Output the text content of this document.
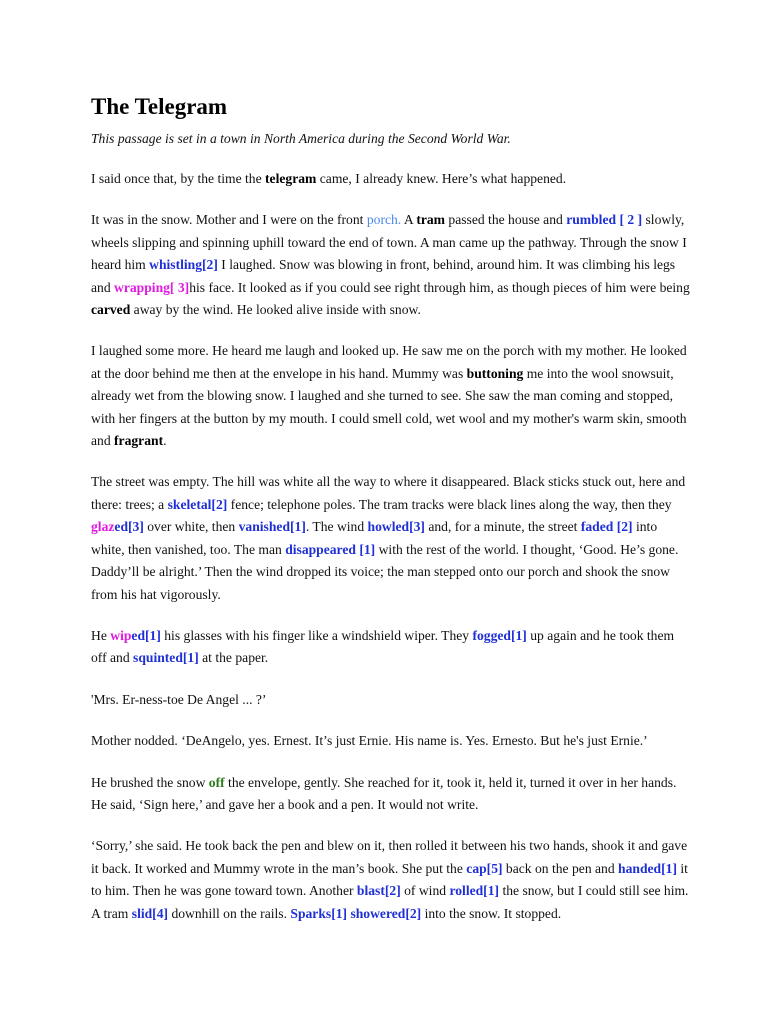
The Telegram

This passage is set in a town in North America during the Second World War.

I said once that, by the time the telegram came, I already knew. Here’s what happened.

It was in the snow. Mother and I were on the front porch. A tram passed the house and rumbled [ 2 ] slowly, wheels slipping and spinning uphill toward the end of town. A man came up the pathway. Through the snow I heard him whistling[2] I laughed. Snow was blowing in front, behind, around him. It was climbing his legs and wrapping[ 3]his face. It looked as if you could see right through him, as though pieces of him were being carved away by the wind. He looked alive inside with snow.

I laughed some more. He heard me laugh and looked up. He saw me on the porch with my mother. He looked at the door behind me then at the envelope in his hand. Mummy was buttoning me into the wool snowsuit, already wet from the blowing snow. I laughed and she turned to see. She saw the man coming and stopped, with her fingers at the button by my mouth. I could smell cold, wet wool and my mother's warm skin, smooth and fragrant.

The street was empty. The hill was white all the way to where it disappeared. Black sticks stuck out, here and there: trees; a skeletal[2] fence; telephone poles. The tram tracks were black lines along the way, then they glazed[3] over white, then vanished[1]. The wind howled[3] and, for a minute, the street faded [2] into white, then vanished, too. The man disappeared [1] with the rest of the world. I thought, ‘Good. He’s gone. Daddy’ll be alright.’ Then the wind dropped its voice; the man stepped onto our porch and shook the snow from his hat vigorously.

He wiped[1] his glasses with his finger like a windshield wiper. They fogged[1] up again and he took them off and squinted[1] at the paper.

'Mrs. Er-ness-toe De Angel ... ?’

Mother nodded. ‘DeAngelo, yes. Ernest. It’s just Ernie. His name is. Yes. Ernesto. But he's just Ernie.’

He brushed the snow off the envelope, gently. She reached for it, took it, held it, turned it over in her hands. He said, ‘Sign here,’ and gave her a book and a pen. It would not write.

‘Sorry,’ she said. He took back the pen and blew on it, then rolled it between his two hands, shook it and gave it back. It worked and Mummy wrote in the man’s book. She put the cap[5] back on the pen and handed[1] it to him. Then he was gone toward town. Another blast[2] of wind rolled[1] the snow, but I could still see him. A tram slid[4] downhill on the rails. Sparks[1] showered[2] into the snow. It stopped.
